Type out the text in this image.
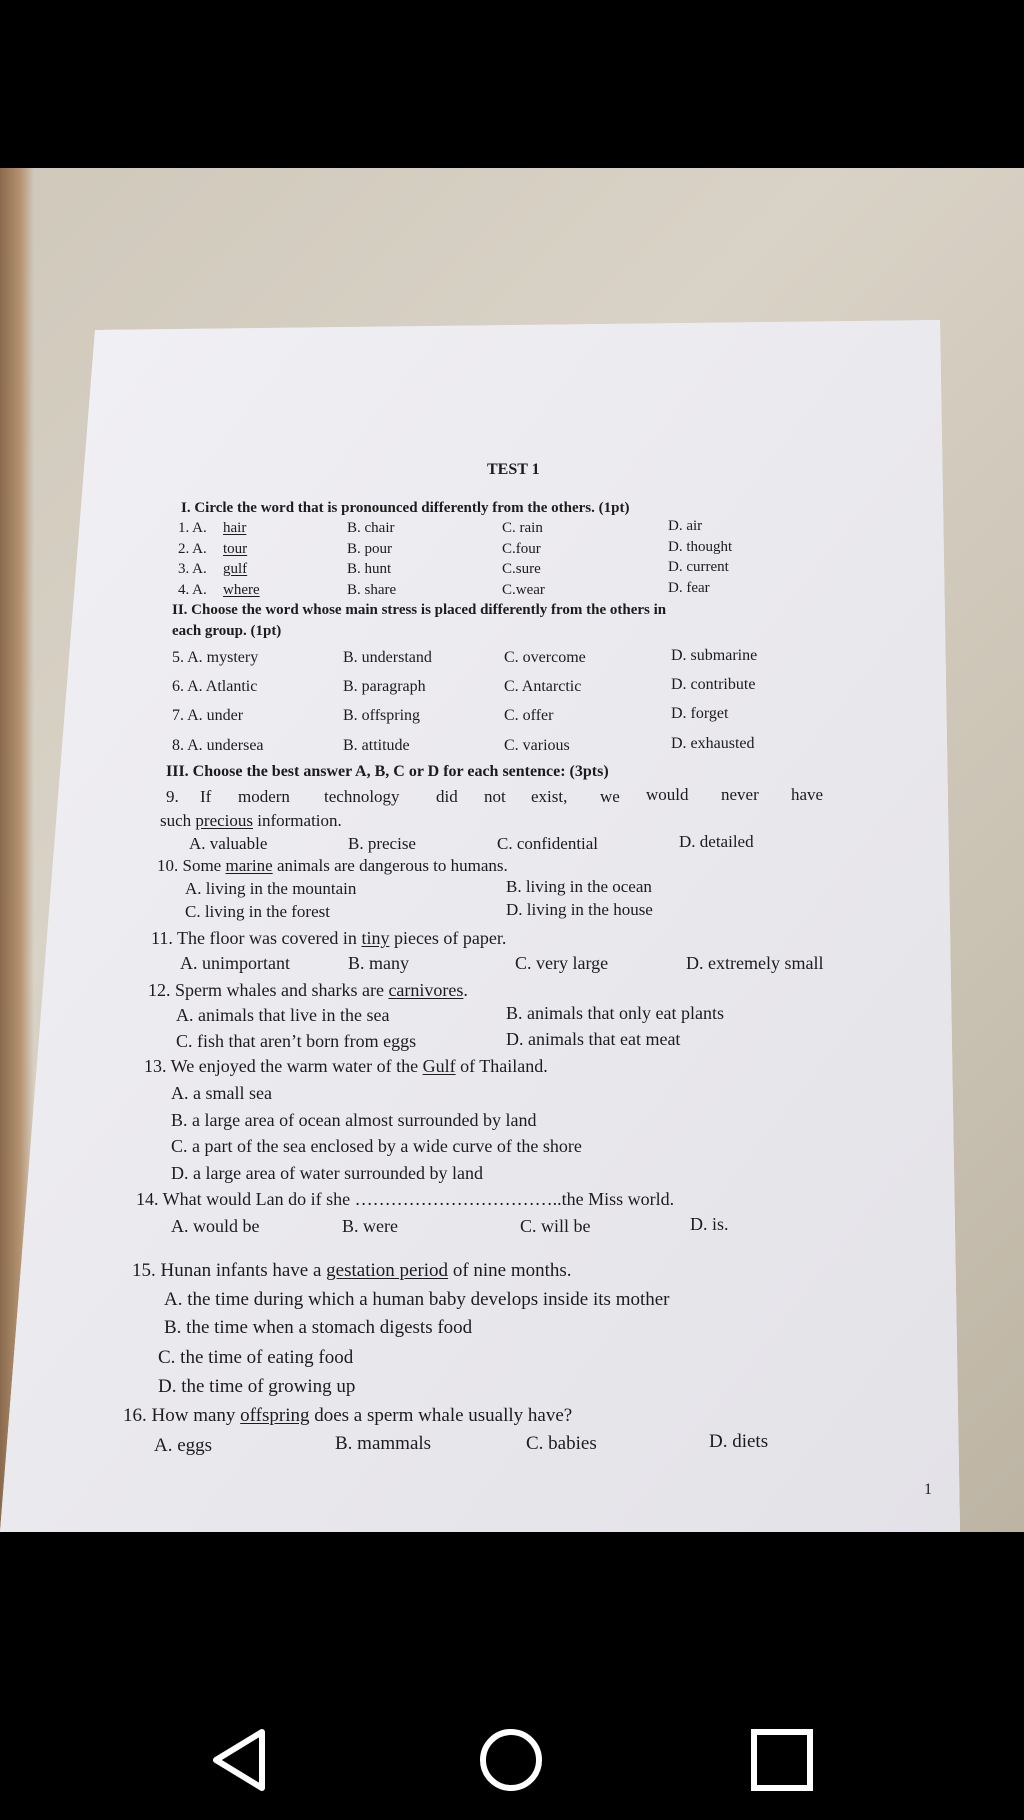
TEST 1
I. Circle the word that is pronounced differently from the others. (1pt)
1. A. hair	B. chair	C. rain	D. air
2. A. tour	B. pour	C.four	D. thought
3. A. gulf	B. hunt	C.sure	D. current
4. A. where	B. share	C.wear	D. fear
II. Choose the word whose main stress is placed differently from the others in
each group. (1pt)
5. A. mystery	B. understand	C. overcome	D. submarine
6. A. Atlantic	B. paragraph	C. Antarctic	D. contribute
7. A. under	B. offspring	C. offer	D. forget
8. A. undersea	B. attitude	C. various	D. exhausted
III. Choose the best answer A, B, C or D for each sentence: (3pts)
9. If modern technology did not exist, we would never have
such precious information.
A. valuable	B. precise	C. confidential	D. detailed
10. Some marine animals are dangerous to humans.
A. living in the mountain	B. living in the ocean
C. living in the forest	D. living in the house
11. The floor was covered in tiny pieces of paper.
A. unimportant	B. many	C. very large	D. extremely small
12. Sperm whales and sharks are carnivores.
A. animals that live in the sea	B. animals that only eat plants
C. fish that aren’t born from eggs	D. animals that eat meat
13. We enjoyed the warm water of the Gulf of Thailand.
A. a small sea
B. a large area of ocean almost surrounded by land
C. a part of the sea enclosed by a wide curve of the shore
D. a large area of water surrounded by land
14. What would Lan do if she ……………………………..the Miss world.
A. would be	B. were	C. will be	D. is.
15. Hunan infants have a gestation period of nine months.
A. the time during which a human baby develops inside its mother
B. the time when a stomach digests food
C. the time of eating food
D. the time of growing up
16. How many offspring does a sperm whale usually have?
A. eggs	B. mammals	C. babies	D. diets
1
